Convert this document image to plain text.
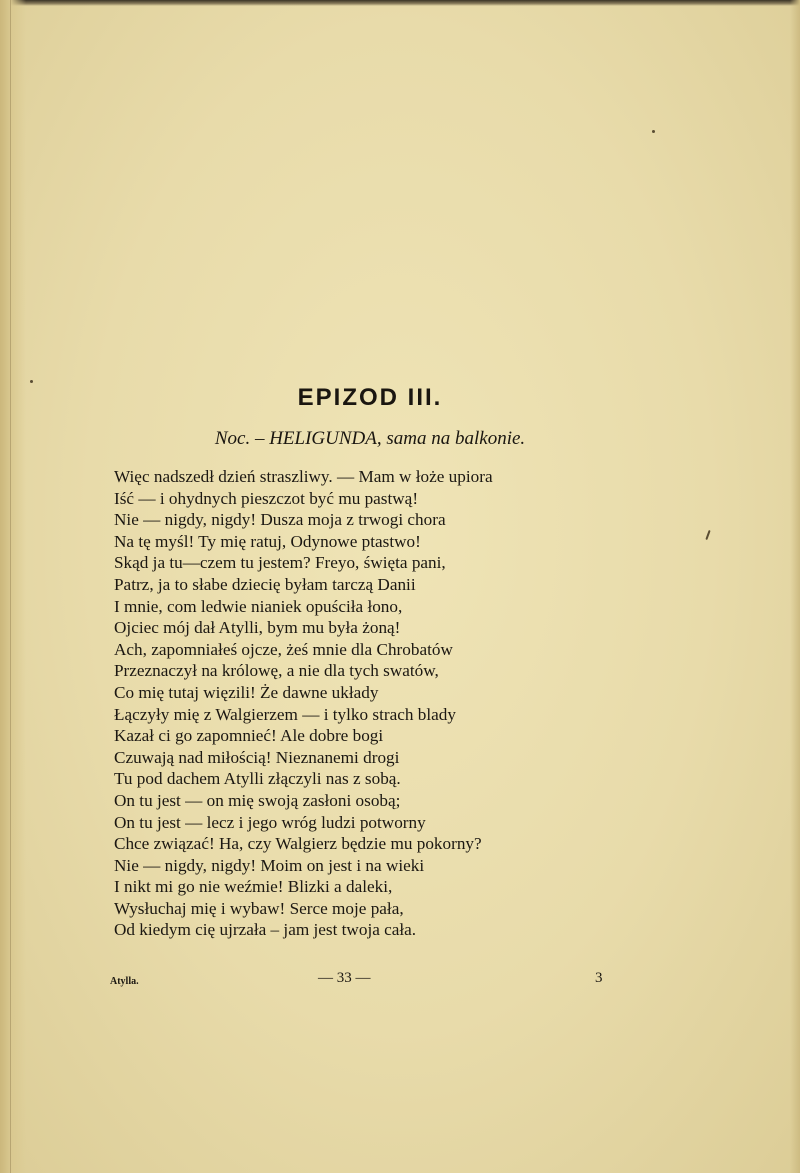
EPIZOD III.
Noc. – HELIGUNDA, sama na balkonie.
Więc nadszedł dzień straszliwy. — Mam w łoże upiora
Iść — i ohydnych pieszczot być mu pastwą!
Nie — nigdy, nigdy! Dusza moja z trwogi chora
Na tę myśl! Ty mię ratuj, Odynowe ptastwo!
Skąd ja tu—czem tu jestem? Freyo, święta pani,
Patrz, ja to słabe dziecię byłam tarczą Danii
I mnie, com ledwie nianiek opuściła łono,
Ojciec mój dał Atylli, bym mu była żoną!
Ach, zapomniałeś ojcze, żeś mnie dla Chrobatów
Przeznaczył na królowę, a nie dla tych swatów,
Co mię tutaj więzili! Że dawne układy
Łączyły mię z Walgierzem — i tylko strach blady
Kazał ci go zapomnieć! Ale dobre bogi
Czuwają nad miłością! Nieznanemi drogi
Tu pod dachem Atylli złączyli nas z sobą.
On tu jest — on mię swoją zasłoni osobą;
On tu jest — lecz i jego wróg ludzi potworny
Chce związać! Ha, czy Walgierz będzie mu pokorny?
Nie — nigdy, nigdy! Moim on jest i na wieki
I nikt mi go nie weźmie! Blizki a daleki,
Wysłuchaj mię i wybaw! Serce moje pała,
Od kiedym cię ujrzała – jam jest twoja cała.
Atylla.	— 33 —	3
